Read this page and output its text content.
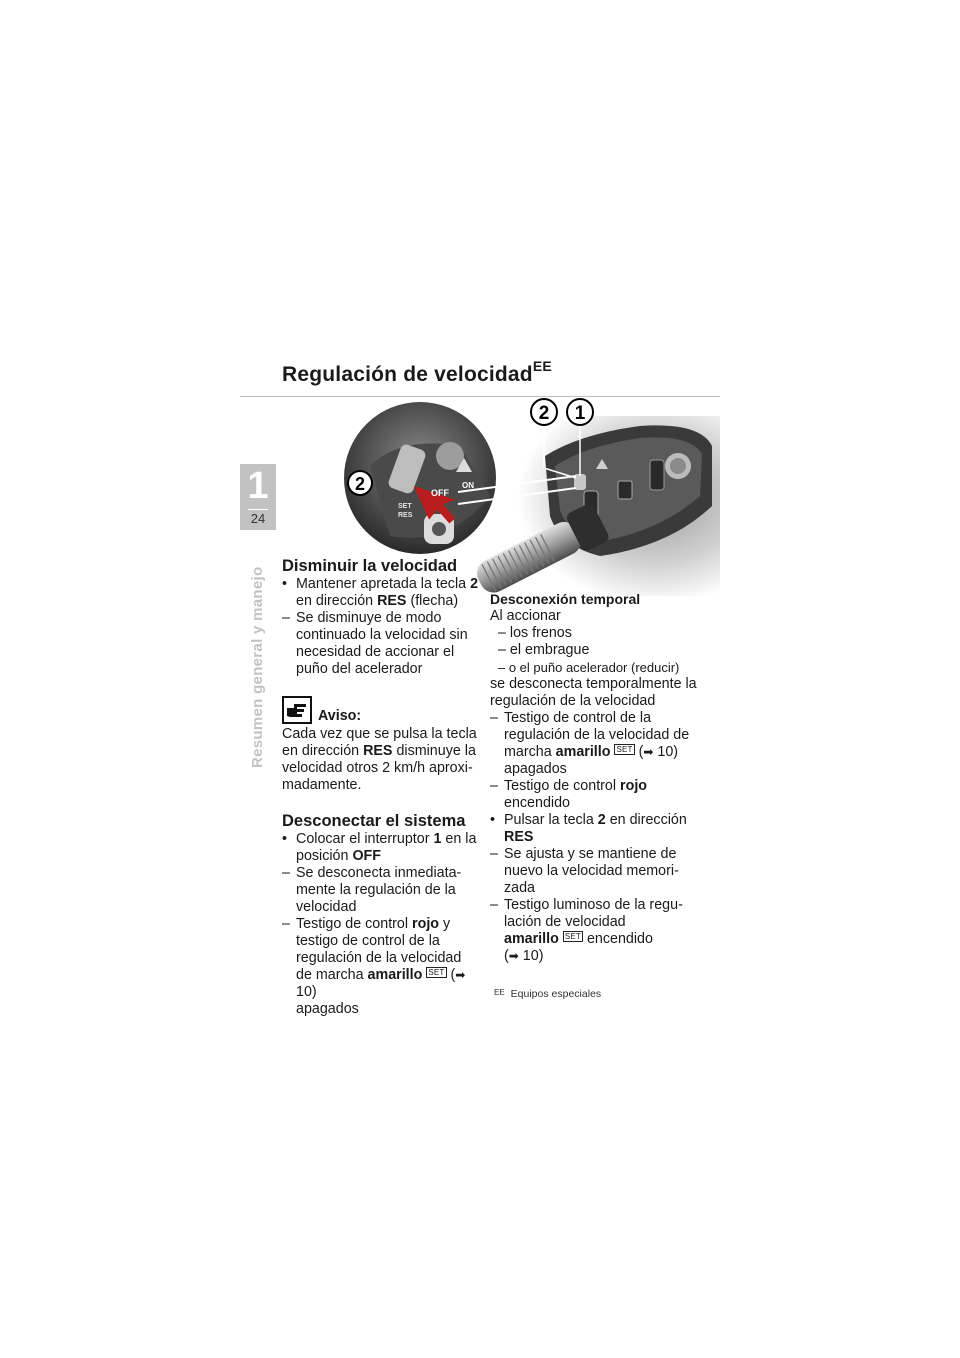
Regulación de velocidad$^{EE}$
1
24
Resumen general y manejo
OFF
ON
SET
RES
2 1
2
Disminuir la velocidad
• Mantener apretada la tecla 2 en dirección RES (flecha)
– Se disminuye de modo continuado la velocidad sin necesidad de accionar el puño del acelerador
Aviso:
Cada vez que se pulsa la tecla en dirección RES disminuye la velocidad otros 2 km/h aproximadamente.
Desconectar el sistema
• Colocar el interruptor 1 en la posición OFF
– Se desconecta inmediatamente la regulación de la velocidad
– Testigo de control rojo y testigo de control de la regulación de la velocidad de marcha amarillo SET (➡ 10)
apagados
Desconexión temporal
Al accionar
– los frenos
– el embrague
– o el puño acelerador (reducir)
se desconecta temporalmente la regulación de la velocidad
– Testigo de control de la regulación de la velocidad de marcha amarillo SET (➡ 10)
apagados
– Testigo de control rojo
encendido
• Pulsar la tecla 2 en dirección
RES
– Se ajusta y se mantiene de nuevo la velocidad memorizada
– Testigo luminoso de la regulación de velocidad
amarillo SET encendido
(➡ 10)
EE Equipos especiales
